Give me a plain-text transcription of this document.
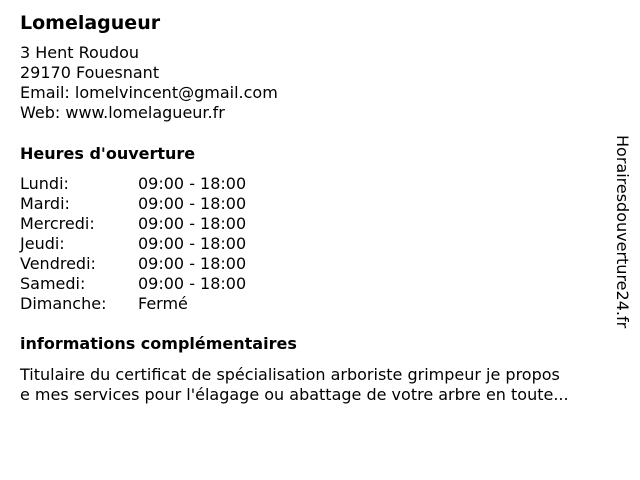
Lomelagueur
3 Hent Roudou
29170 Fouesnant
Email: lomelvincent@gmail.com
Web: www.lomelagueur.fr
Heures d'ouverture
Lundi:	09:00 - 18:00
Mardi:	09:00 - 18:00
Mercredi:	09:00 - 18:00
Jeudi:	09:00 - 18:00
Vendredi:	09:00 - 18:00
Samedi:	09:00 - 18:00
Dimanche: Fermé
informations complémentaires
Titulaire du certificat de spécialisation arboriste grimpeur je propos
e mes services pour l'élagage ou abattage de votre arbre en toute...
Horairesdouverture24.fr
